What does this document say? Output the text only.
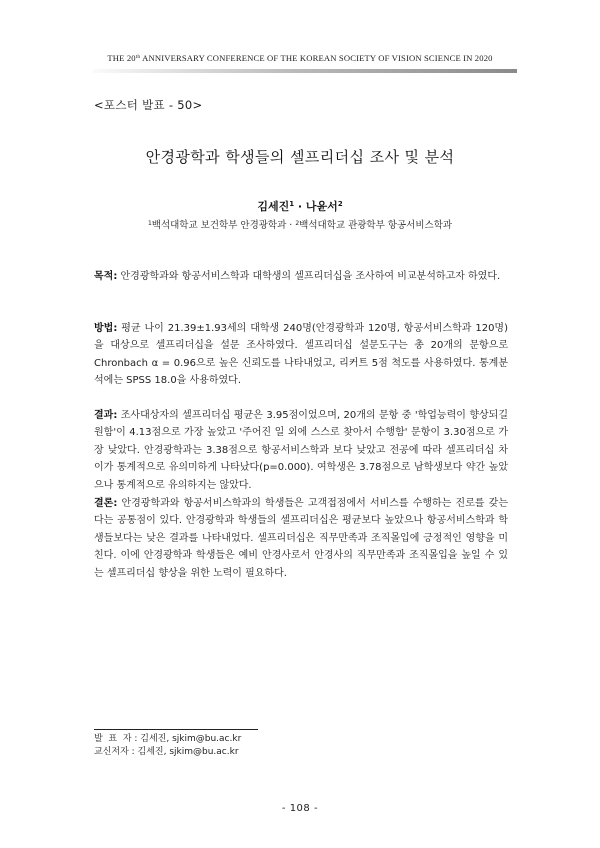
THE 20th ANNIVERSARY CONFERENCE OF THE KOREAN SOCIETY OF VISION SCIENCE IN 2020
<포스터 발표 - 50>
안경광학과 학생들의 셀프리더십 조사 및 분석
김세진$^1$ · 나윤서$^2$
$^1$백석대학교 보건학부 안경광학과 · $^2$백석대학교 관광학부 항공서비스학과
목적: 안경광학과와 항공서비스학과 대학생의 셀프리더십을 조사하여 비교분석하고자 하였다.
방법: 평균 나이 21.39±1.93세의 대학생 240명(안경광학과 120명, 항공서비스학과 120명)을 대상으로 셀프리더십을 설문 조사하였다. 셀프리더십 설문도구는 총 20개의 문항으로 Chronbach α = 0.96으로 높은 신뢰도를 나타내었고, 리커트 5점 척도를 사용하였다. 통계분석에는 SPSS 18.0을 사용하였다.
결과: 조사대상자의 셀프리더십 평균은 3.95점이었으며, 20개의 문항 중 '학업능력이 향상되길 원함'이 4.13점으로 가장 높았고 '주어진 일 외에 스스로 찾아서 수행함' 문항이 3.30점으로 가장 낮았다. 안경광학과는 3.38점으로 항공서비스학과 보다 낮았고 전공에 따라 셀프리더십 차이가 통계적으로 유의미하게 나타났다(p=0.000). 여학생은 3.78점으로 남학생보다 약간 높았으나 통계적으로 유의하지는 않았다.
결론: 안경광학과와 항공서비스학과의 학생들은 고객접점에서 서비스를 수행하는 진로를 갖는다는 공통점이 있다. 안경광학과 학생들의 셀프리더십은 평균보다 높았으나 항공서비스학과 학생들보다는 낮은 결과를 나타내었다. 셀프리더십은 직무만족과 조직몰입에 긍정적인 영향을 미친다. 이에 안경광학과 학생들은 예비 안경사로서 안경사의 직무만족과 조직몰입을 높일 수 있는 셀프리더십 향상을 위한 노력이 필요하다.
발  표  자 : 김세진, sjkim@bu.ac.kr
교신저자 : 김세진, sjkim@bu.ac.kr
- 108 -
